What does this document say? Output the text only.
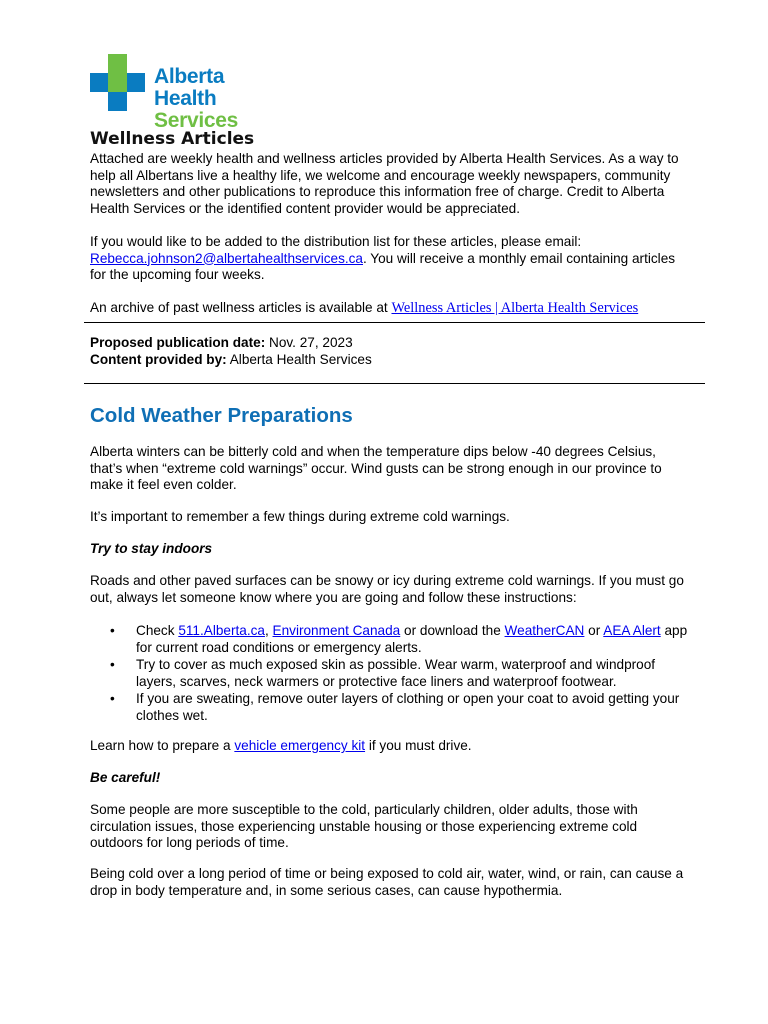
Alberta Health
Services
Wellness Articles
Attached are weekly health and wellness articles provided by Alberta Health Services. As a way to help all Albertans live a healthy life, we welcome and encourage weekly newspapers, community newsletters and other publications to reproduce this information free of charge. Credit to Alberta Health Services or the identified content provider would be appreciated.
If you would like to be added to the distribution list for these articles, please email: Rebecca.johnson2@albertahealthservices.ca. You will receive a monthly email containing articles for the upcoming four weeks.
An archive of past wellness articles is available at Wellness Articles | Alberta Health Services
Proposed publication date: Nov. 27, 2023
Content provided by: Alberta Health Services
Cold Weather Preparations
Alberta winters can be bitterly cold and when the temperature dips below -40 degrees Celsius, that’s when “extreme cold warnings” occur. Wind gusts can be strong enough in our province to make it feel even colder.
It’s important to remember a few things during extreme cold warnings.
Try to stay indoors
Roads and other paved surfaces can be snowy or icy during extreme cold warnings. If you must go out, always let someone know where you are going and follow these instructions:
• Check 511.Alberta.ca, Environment Canada or download the WeatherCAN or AEA Alert app for current road conditions or emergency alerts.
• Try to cover as much exposed skin as possible. Wear warm, waterproof and windproof layers, scarves, neck warmers or protective face liners and waterproof footwear.
• If you are sweating, remove outer layers of clothing or open your coat to avoid getting your clothes wet.
Learn how to prepare a vehicle emergency kit if you must drive.
Be careful!
Some people are more susceptible to the cold, particularly children, older adults, those with circulation issues, those experiencing unstable housing or those experiencing extreme cold outdoors for long periods of time.
Being cold over a long period of time or being exposed to cold air, water, wind, or rain, can cause a drop in body temperature and, in some serious cases, can cause hypothermia.
